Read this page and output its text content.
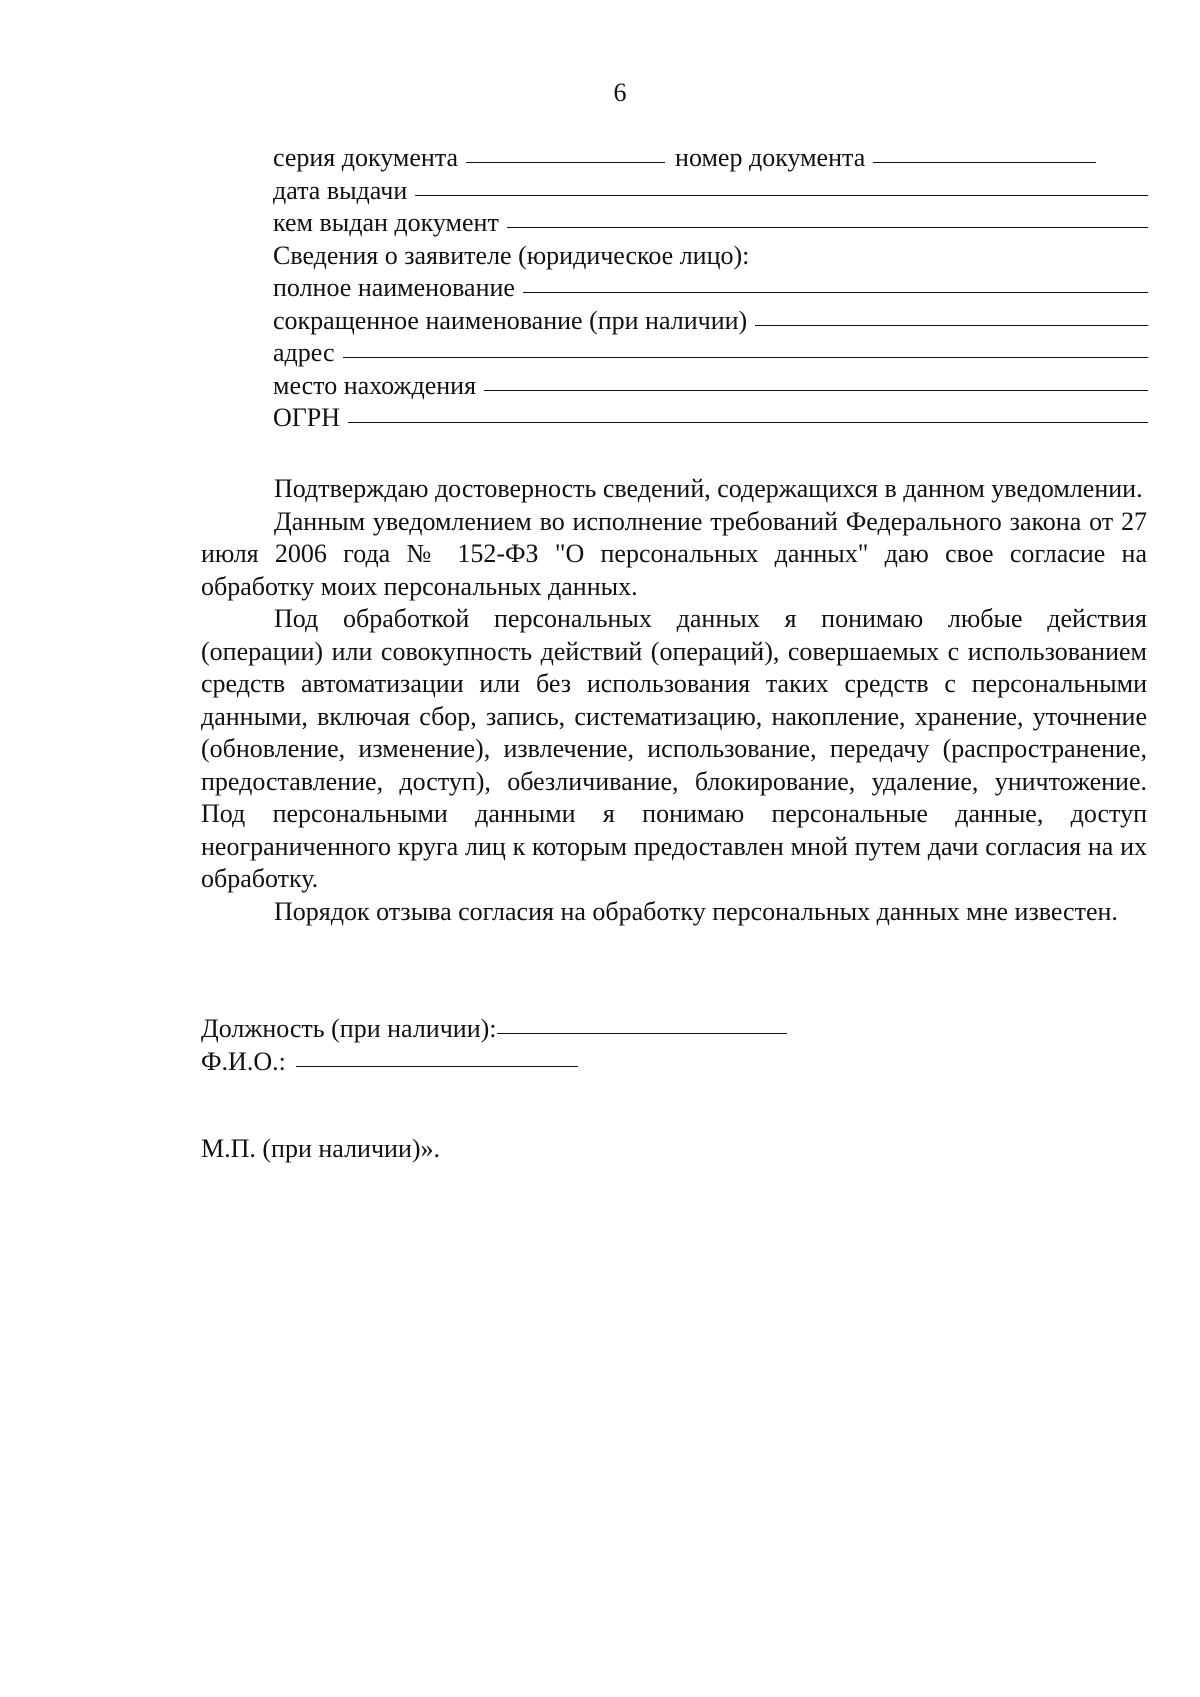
6
серия документа	номер документа
дата выдачи
кем выдан документ
Сведения о заявителе (юридическое лицо):
полное наименование
сокращенное наименование (при наличии)
адрес
место нахождения
ОГРН

Подтверждаю достоверность сведений, содержащихся в данном уведомлении.

Данным уведомлением во исполнение требований Федерального закона от 27 июля 2006 года № 152-ФЗ "О персональных данных" даю свое согласие на обработку моих персональных данных.

Под обработкой персональных данных я понимаю любые действия (операции) или совокупность действий (операций), совершаемых с использованием средств автоматизации или без использования таких средств с персональными данными, включая сбор, запись, систематизацию, накопление, хранение, уточнение (обновление, изменение), извлечение, использование, передачу (распространение, предоставление, доступ), обезличивание, блокирование, удаление, уничтожение. Под персональными данными я понимаю персональные данные, доступ неограниченного круга лиц к которым предоставлен мной путем дачи согласия на их обработку.

Порядок отзыва согласия на обработку персональных данных мне известен.

Должность (при наличии):
Ф.И.О.:
М.П. (при наличии)».
